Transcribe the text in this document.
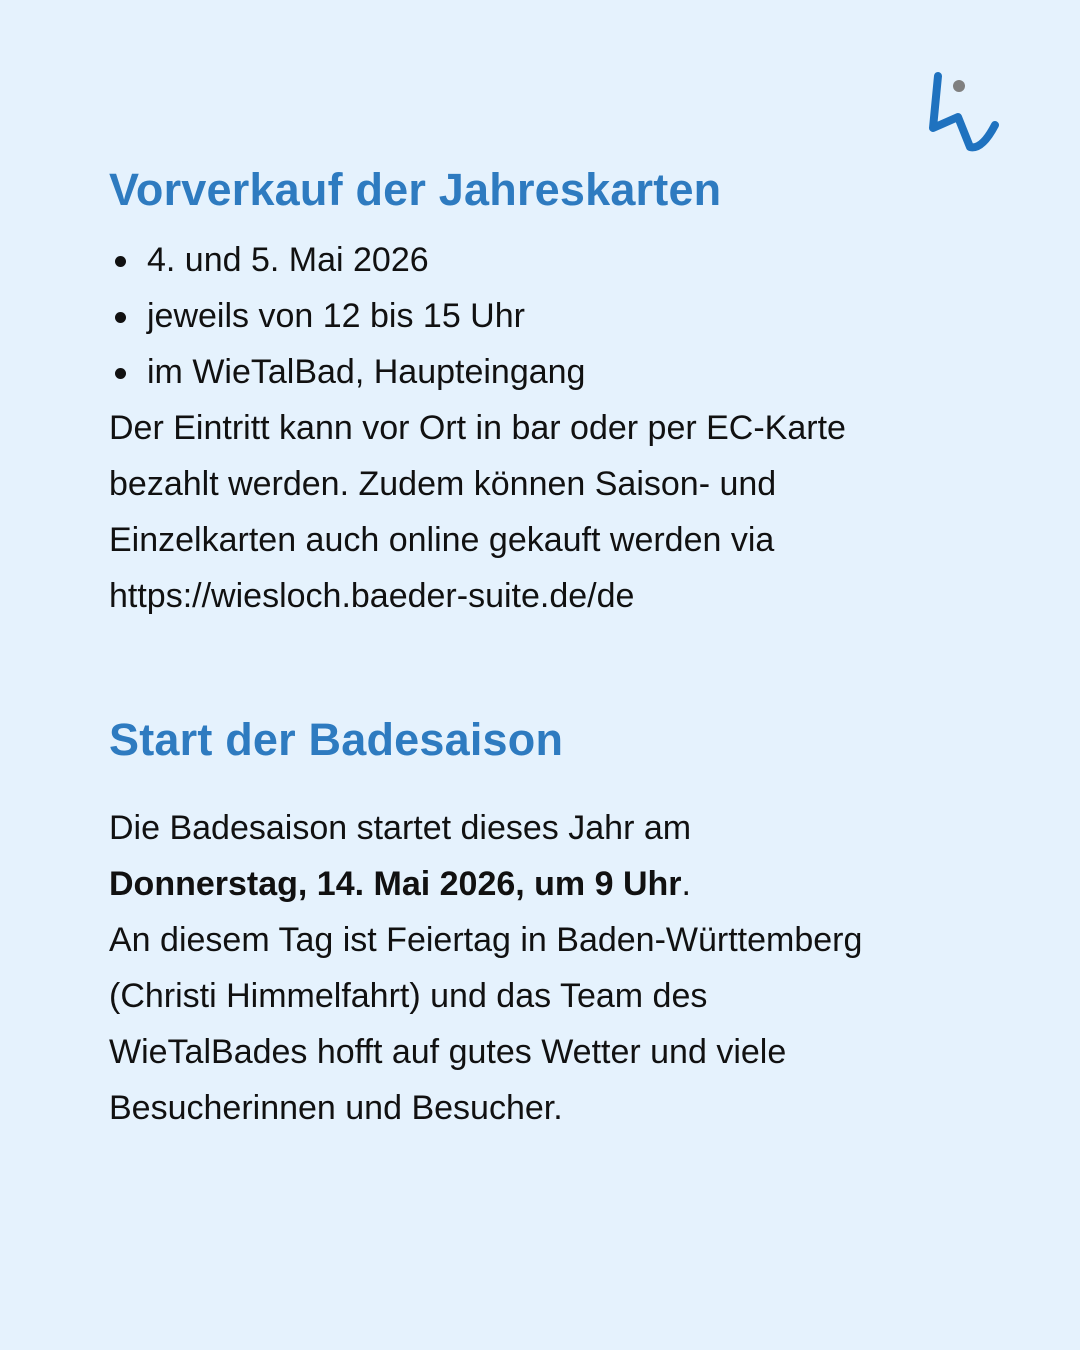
Vorverkauf der Jahreskarten
4. und 5. Mai 2026
jeweils von 12 bis 15 Uhr
im WieTalBad, Haupteingang

Der Eintritt kann vor Ort in bar oder per EC-Karte

bezahlt werden. Zudem können Saison- und

Einzelkarten auch online gekauft werden via

https://wiesloch.baeder-suite.de/de

Start der Badesaison

Die Badesaison startet dieses Jahr am

Donnerstag, 14. Mai 2026, um 9 Uhr.
An diesem Tag ist Feiertag in Baden-Württemberg
(Christi Himmelfahrt) und das Team des
WieTalBades hofft auf gutes Wetter und viele
Besucherinnen und Besucher.
